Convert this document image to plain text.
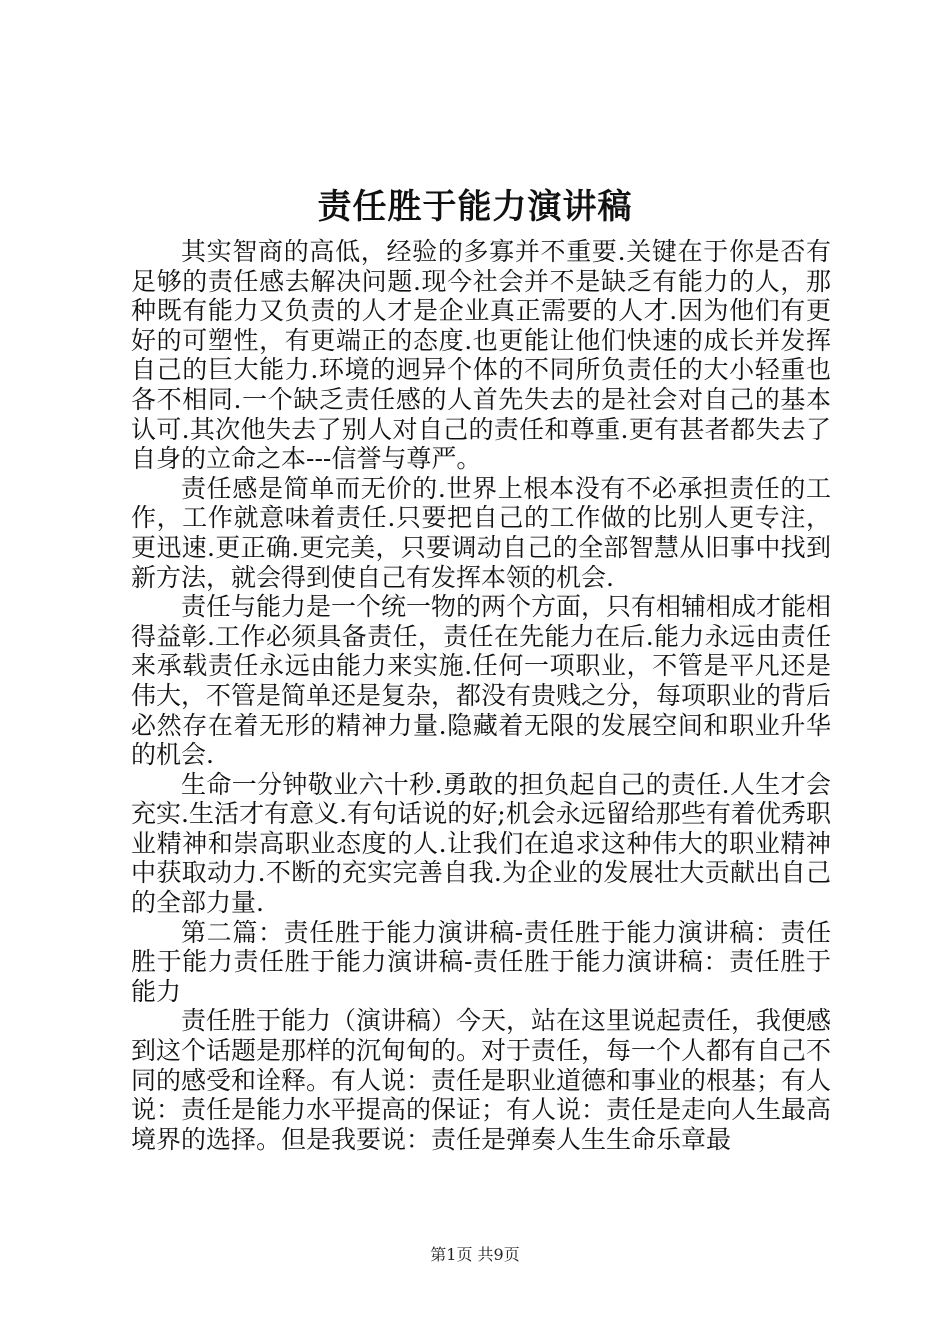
责任胜于能力演讲稿

其实智商的高低，经验的多寡并不重要.关键在于你是否有足够的责任感去解决问题.现今社会并不是缺乏有能力的人，那种既有能力又负责的人才是企业真正需要的人才.因为他们有更好的可塑性，有更端正的态度.也更能让他们快速的成长并发挥自己的巨大能力.环境的迥异个体的不同所负责任的大小轻重也各不相同.一个缺乏责任感的人首先失去的是社会对自己的基本认可.其次他失去了别人对自己的责任和尊重.更有甚者都失去了自身的立命之本---信誉与尊严。

责任感是简单而无价的.世界上根本没有不必承担责任的工作，工作就意味着责任.只要把自己的工作做的比别人更专注，更迅速.更正确.更完美，只要调动自己的全部智慧从旧事中找到新方法，就会得到使自己有发挥本领的机会.

责任与能力是一个统一物的两个方面，只有相辅相成才能相得益彰.工作必须具备责任，责任在先能力在后.能力永远由责任来承载责任永远由能力来实施.任何一项职业，不管是平凡还是伟大，不管是简单还是复杂，都没有贵贱之分，每项职业的背后必然存在着无形的精神力量.隐藏着无限的发展空间和职业升华的机会.

生命一分钟敬业六十秒.勇敢的担负起自己的责任.人生才会充实.生活才有意义.有句话说的好;机会永远留给那些有着优秀职业精神和崇高职业态度的人.让我们在追求这种伟大的职业精神中获取动力.不断的充实完善自我.为企业的发展壮大贡献出自己的全部力量.

第二篇：责任胜于能力演讲稿-责任胜于能力演讲稿：责任胜于能力责任胜于能力演讲稿-责任胜于能力演讲稿：责任胜于能力

责任胜于能力（演讲稿）今天，站在这里说起责任，我便感到这个话题是那样的沉甸甸的。对于责任，每一个人都有自己不同的感受和诠释。有人说：责任是职业道德和事业的根基；有人说：责任是能力水平提高的保证；有人说：责任是走向人生最高境界的选择。但是我要说：责任是弹奏人生生命乐章最

第1页 共9页
